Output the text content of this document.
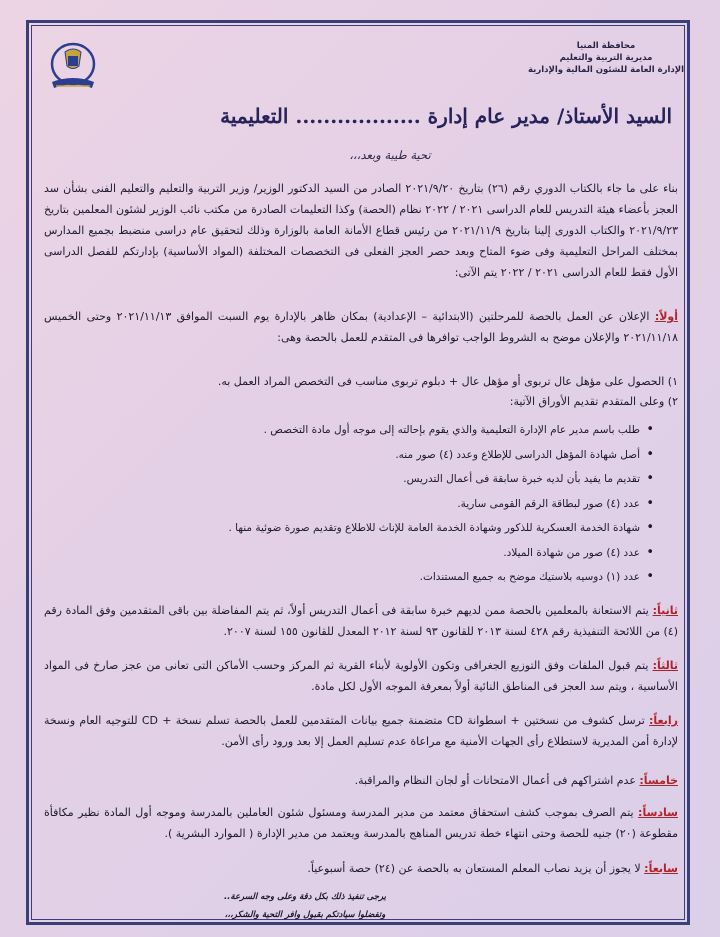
محافظة المنيا
مديرية التربية والتعليم
الإدارة العامة للشئون المالية والإدارية
السيد الأستاذ/ مدير عام إدارة .................. التعليمية
تحية طيبة وبعد،،،
بناء على ما جاء بالكتاب الدوري رقم (٢٦) بتاريخ ٢٠٢١/٩/٢٠ الصادر من السيد الدكتور الوزير/ وزير التربية والتعليم والتعليم الفنى بشأن سد العجز بأعضاء هيئة التدريس للعام الدراسى ٢٠٢١ / ٢٠٢٢ نظام (الحصة) وكذا التعليمات الصادرة من مكتب نائب الوزير لشئون المعلمين بتاريخ ٢٠٢١/٩/٢٣ والكتاب الدورى إلينا بتاريخ ٢٠٢١/١١/٩ من رئيس قطاع الأمانة العامة بالوزارة وذلك لتحقيق عام دراسى منضبط بجميع المدارس بمختلف المراحل التعليمية وفى ضوء المتاح وبعد حصر العجز الفعلى فى التخصصات المختلفة (المواد الأساسية) بإدارتكم للفصل الدراسى الأول فقط للعام الدراسى ٢٠٢١ / ٢٠٢٢ يتم الآتى:
أولاً: الإعلان عن العمل بالحصة للمرحلتين (الابتدائية – الإعدادية) بمكان ظاهر بالإدارة يوم السبت الموافق ٢٠٢١/١١/١٣ وحتى الخميس ٢٠٢١/١١/١٨ والإعلان موضح به الشروط الواجب توافرها فى المتقدم للعمل بالحصة وهى:
١) الحصول على مؤهل عال تربوى أو مؤهل عال + دبلوم تربوى مناسب فى التخصص المراد العمل به.
٢) وعلى المتقدم تقديم الأوراق الآتية:
• طلب باسم مدير عام الإدارة التعليمية والذي يقوم بإحالته إلى موجه أول مادة التخصص .
• أصل شهادة المؤهل الدراسى للإطلاع وعدد (٤) صور منه.
• تقديم ما يفيد بأن لديه خبرة سابقة فى أعمال التدريس.
• عدد (٤) صور لبطاقة الرقم القومى سارية.
• شهادة الخدمة العسكرية للذكور وشهادة الخدمة العامة للإناث للاطلاع وتقديم صورة ضوئية منها .
• عدد (٤) صور من شهادة الميلاد.
• عدد (١) دوسيه بلاستيك موضح به جميع المستندات.
ثانياً: يتم الاستعانة بالمعلمين بالحصة ممن لديهم خبرة سابقة فى أعمال التدريس أولاً، ثم يتم المفاضلة بين باقى المتقدمين وفق المادة رقم (٤) من اللائحة التنفيذية رقم ٤٢٨ لسنة ٢٠١٣ للقانون ٩٣ لسنة ٢٠١٢ المعدل للقانون ١٥٥ لسنة ٢٠٠٧.
ثالثاً: يتم قبول الملفات وفق التوزيع الجغرافى وتكون الأولوية لأبناء القرية ثم المركز وحسب الأماكن التى تعانى من عجز صارخ فى المواد الأساسية ، ويتم سد العجز فى المناطق النائية أولاً بمعرفة الموجه الأول لكل مادة.
رابعاً: ترسل كشوف من نسختين + اسطوانة CD متضمنة جميع بيانات المتقدمين للعمل بالحصة تسلم نسخة + CD للتوجيه العام ونسخة لإدارة أمن المديرية لاستطلاع رأى الجهات الأمنية مع مراعاة عدم تسليم العمل إلا بعد ورود رأى الأمن.
خامساً: عدم اشتراكهم فى أعمال الامتحانات أو لجان النظام والمراقبة.
سادساً: يتم الصرف بموجب كشف استحقاق معتمد من مدير المدرسة ومسئول شئون العاملين بالمدرسة وموجه أول المادة نظير مكافأة مقطوعة (٢٠) جنيه للحصة وحتى انتهاء خطة تدريس المناهج بالمدرسة ويعتمد من مدير الإدارة ( الموارد البشرية ).
سابعاً: لا يجوز أن يزيد نصاب المعلم المستعان به بالحصة عن (٢٤) حصة أسبوعياً.
يرجى تنفيذ ذلك بكل دقة وعلى وجه السرعة..
وتفضلوا سيادتكم بقبول وافر التحية والشكر،،،
